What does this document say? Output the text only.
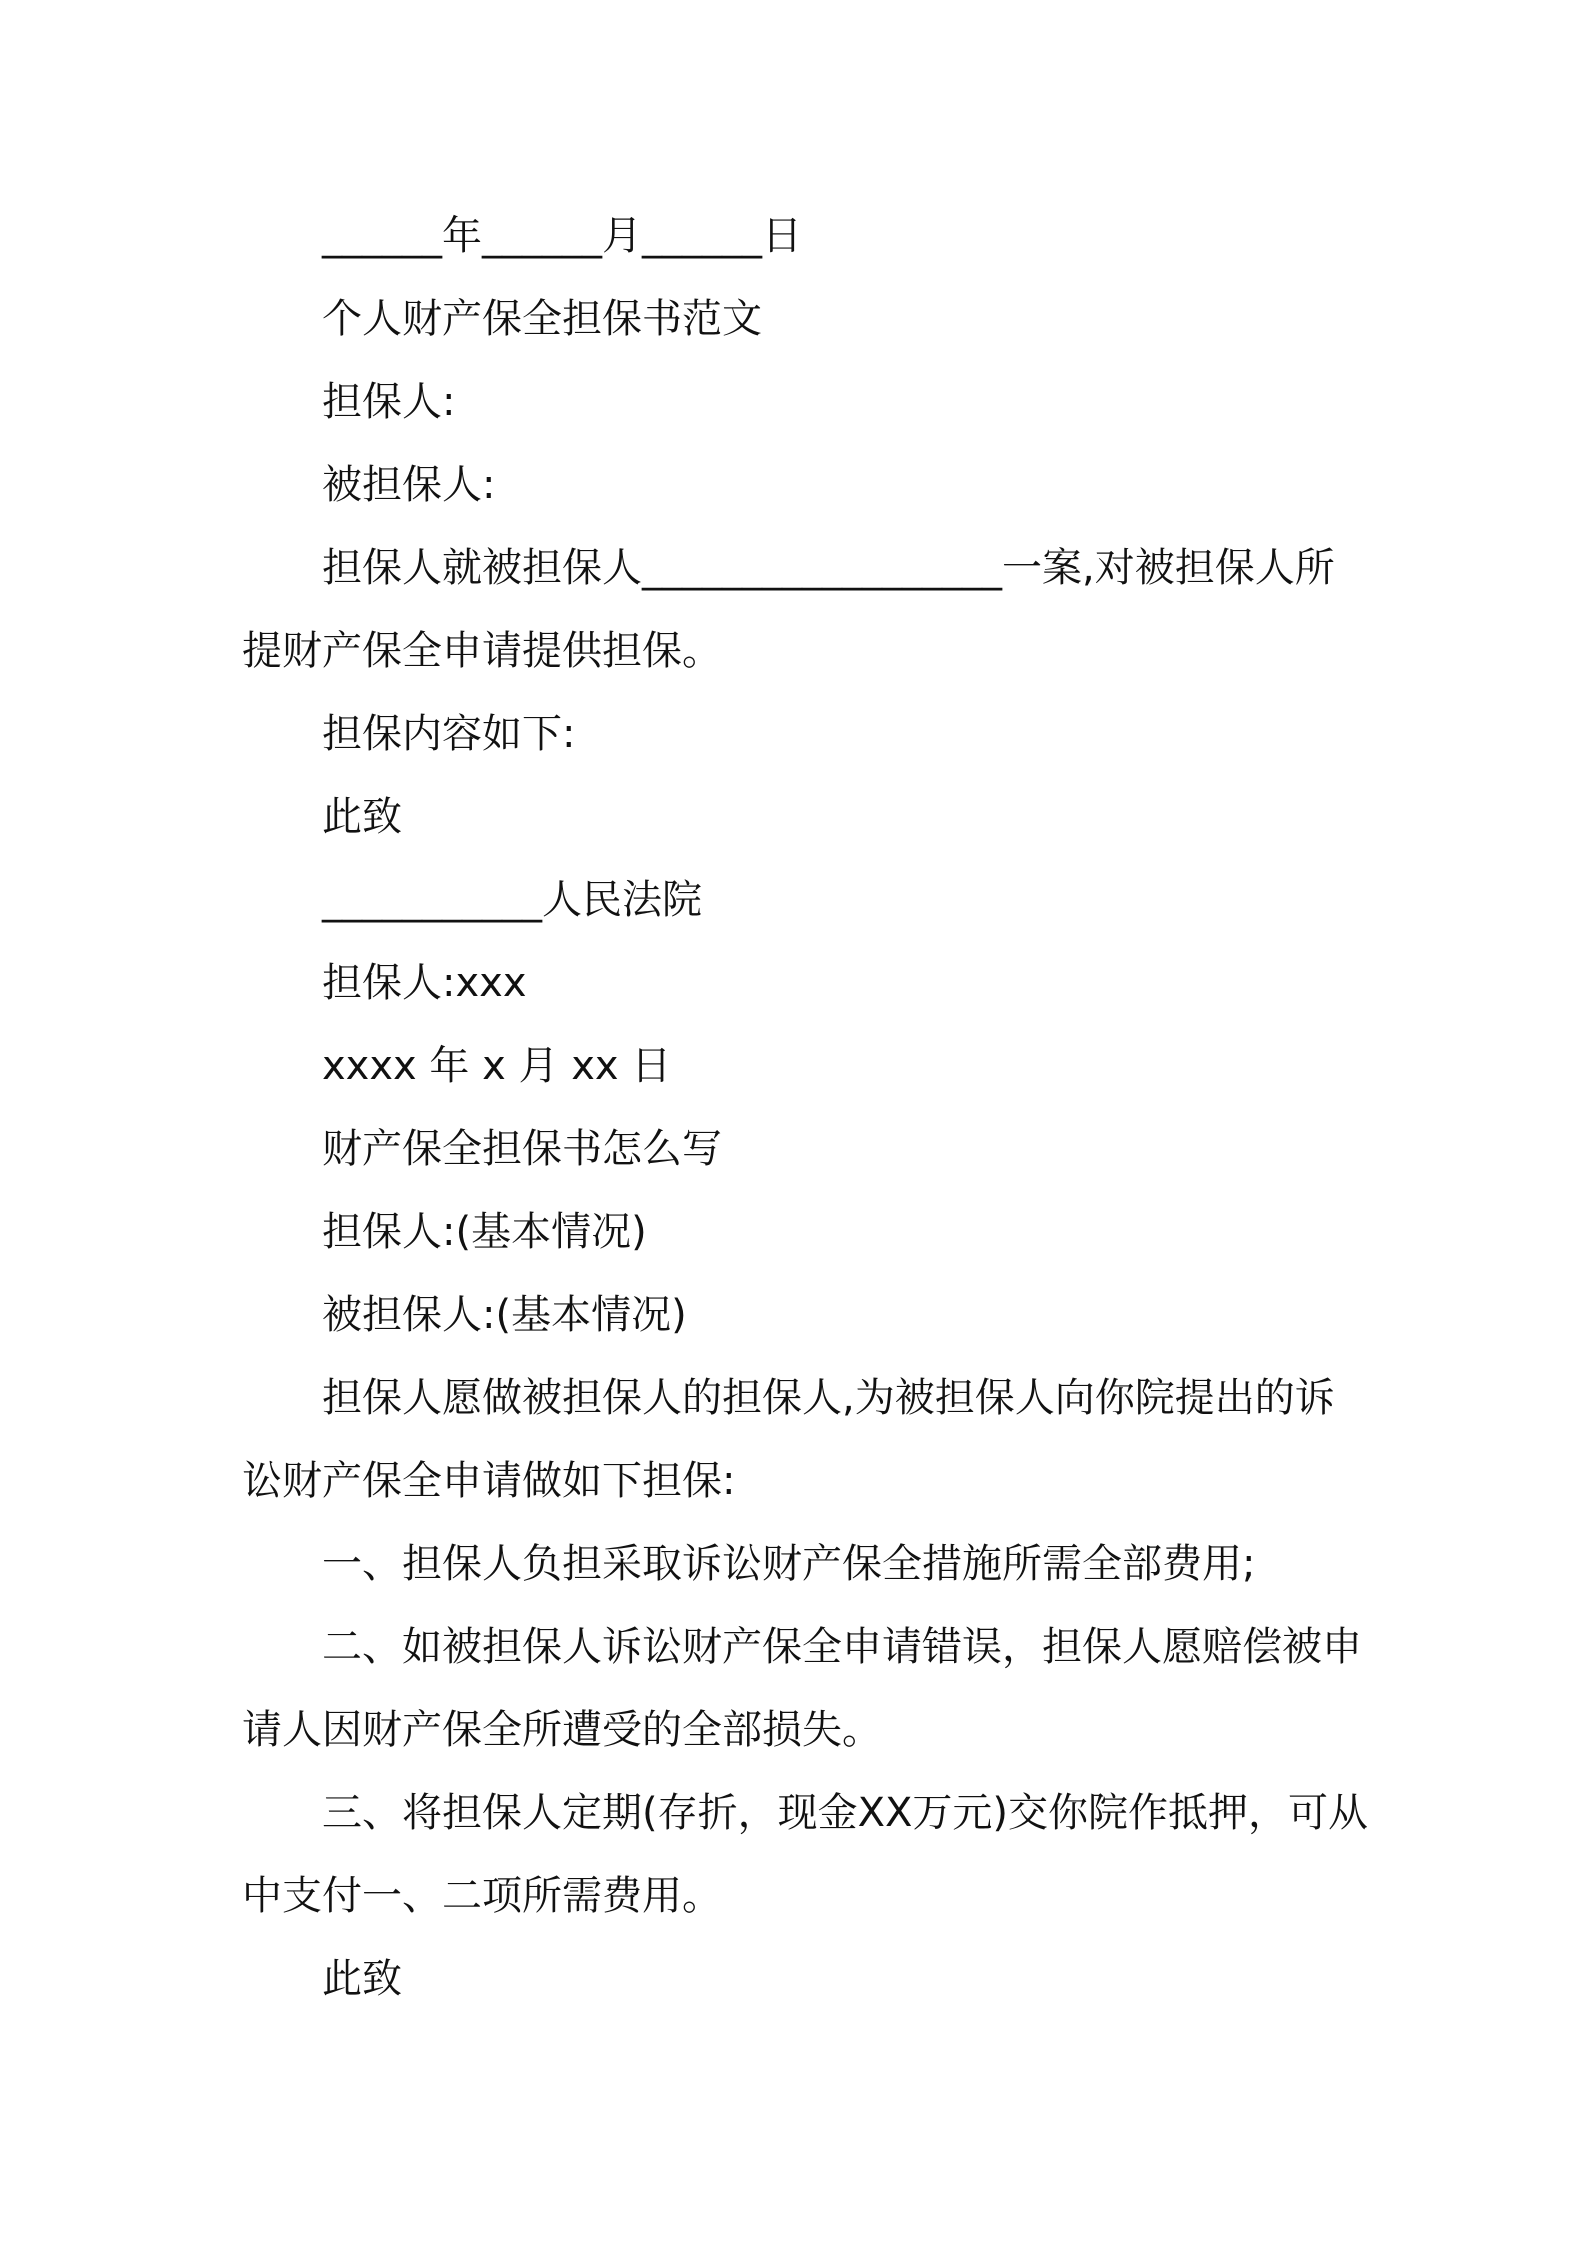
______年______月______日

个人财产保全担保书范文

担保人:

被担保人:

担保人就被担保人__________________一案,对被担保人所
提财产保全申请提供担保。

担保内容如下:

此致

___________人民法院

担保人:xxx

xxxx 年 x 月 xx 日

财产保全担保书怎么写

担保人:(基本情况)

被担保人:(基本情况)

担保人愿做被担保人的担保人,为被担保人向你院提出的诉
讼财产保全申请做如下担保:

一、担保人负担采取诉讼财产保全措施所需全部费用;

二、如被担保人诉讼财产保全申请错误，担保人愿赔偿被申
请人因财产保全所遭受的全部损失。
三、将担保人定期(存折，现金XX万元)交你院作抵押，可从
中支付一、二项所需费用。

此致
